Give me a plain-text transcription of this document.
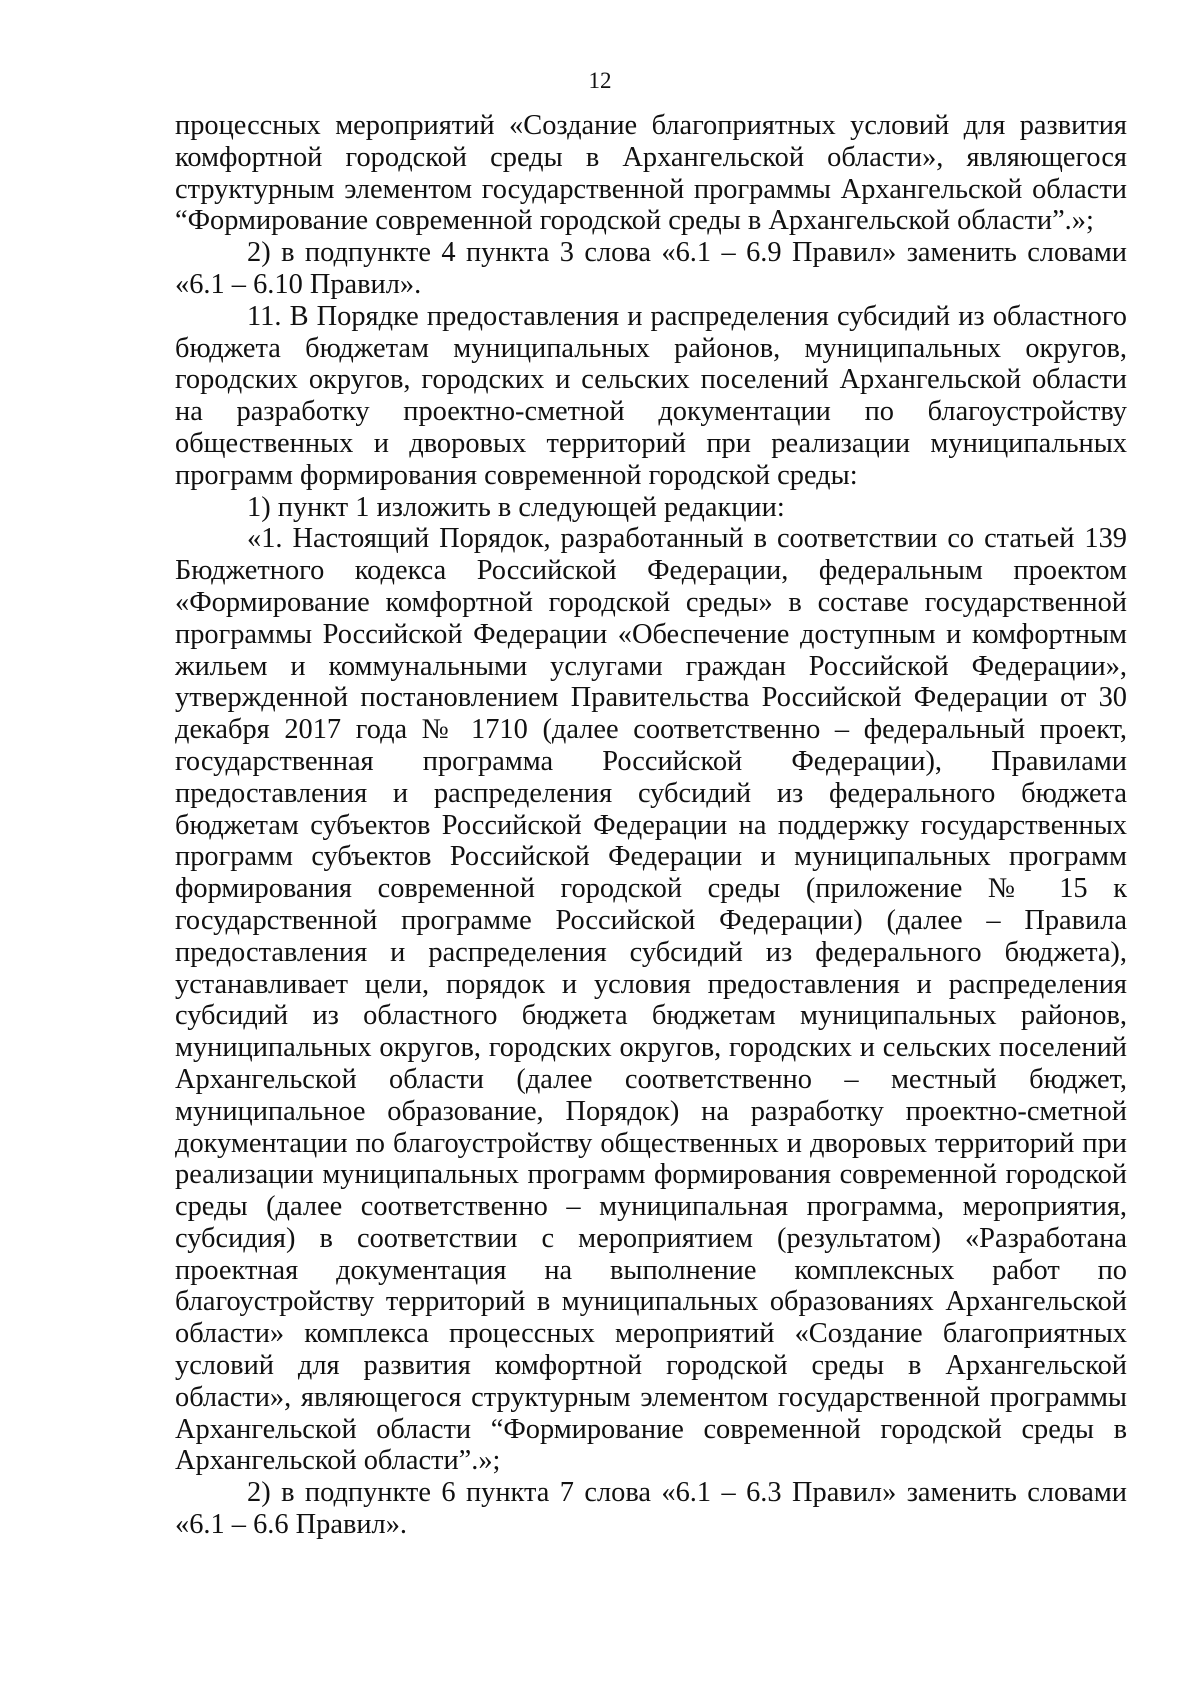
12

процессных мероприятий «Создание благоприятных условий для развития комфортной городской среды в Архангельской области», являющегося структурным элементом государственной программы Архангельской области “Формирование современной городской среды в Архангельской области”.»;

2) в подпункте 4 пункта 3 слова «6.1 – 6.9 Правил» заменить словами «6.1 – 6.10 Правил».

11. В Порядке предоставления и распределения субсидий из областного бюджета бюджетам муниципальных районов, муниципальных округов, городских округов, городских и сельских поселений Архангельской области на разработку проектно-сметной документации по благоустройству общественных и дворовых территорий при реализации муниципальных программ формирования современной городской среды:

1) пункт 1 изложить в следующей редакции:

«1. Настоящий Порядок, разработанный в соответствии со статьей 139 Бюджетного кодекса Российской Федерации, федеральным проектом «Формирование комфортной городской среды» в составе государственной программы Российской Федерации «Обеспечение доступным и комфортным жильем и коммунальными услугами граждан Российской Федерации», утвержденной постановлением Правительства Российской Федерации от 30 декабря 2017 года № 1710 (далее соответственно – федеральный проект, государственная программа Российской Федерации), Правилами предоставления и распределения субсидий из федерального бюджета бюджетам субъектов Российской Федерации на поддержку государственных программ субъектов Российской Федерации и муниципальных программ формирования современной городской среды (приложение № 15 к государственной программе Российской Федерации) (далее – Правила предоставления и распределения субсидий из федерального бюджета), устанавливает цели, порядок и условия предоставления и распределения субсидий из областного бюджета бюджетам муниципальных районов, муниципальных округов, городских округов, городских и сельских поселений Архангельской области (далее соответственно – местный бюджет, муниципальное образование, Порядок) на разработку проектно-сметной документации по благоустройству общественных и дворовых территорий при реализации муниципальных программ формирования современной городской среды (далее соответственно – муниципальная программа, мероприятия, субсидия) в соответствии с мероприятием (результатом) «Разработана проектная документация на выполнение комплексных работ по благоустройству территорий в муниципальных образованиях Архангельской области» комплекса процессных мероприятий «Создание благоприятных условий для развития комфортной городской среды в Архангельской области», являющегося структурным элементом государственной программы Архангельской области “Формирование современной городской среды в Архангельской области”.»;

2) в подпункте 6 пункта 7 слова «6.1 – 6.3 Правил» заменить словами «6.1 – 6.6 Правил».
